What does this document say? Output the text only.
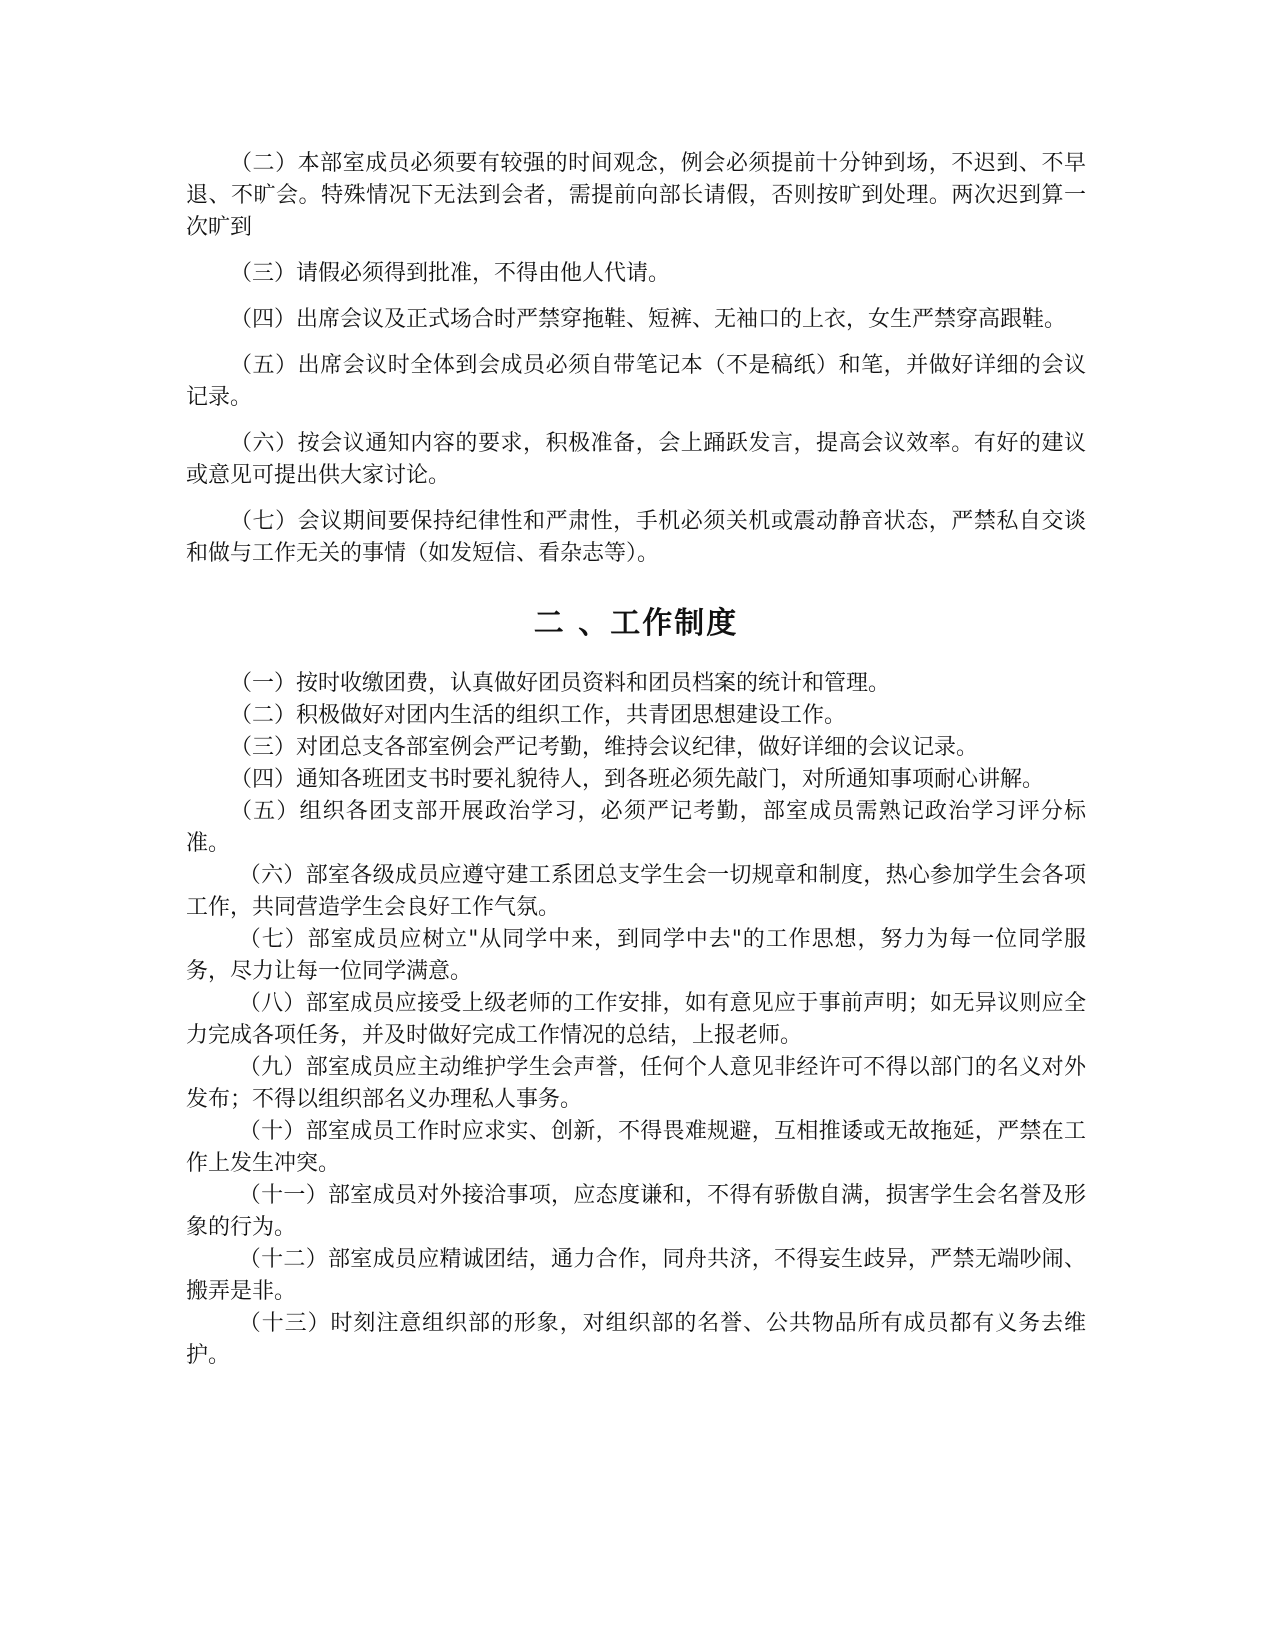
（二）本部室成员必须要有较强的时间观念，例会必须提前十分钟到场，不迟到、不早退、不旷会。特殊情况下无法到会者，需提前向部长请假，否则按旷到处理。两次迟到算一次旷到

（三）请假必须得到批准，不得由他人代请。

（四）出席会议及正式场合时严禁穿拖鞋、短裤、无袖口的上衣，女生严禁穿高跟鞋。

（五）出席会议时全体到会成员必须自带笔记本（不是稿纸）和笔，并做好详细的会议记录。

（六）按会议通知内容的要求，积极准备，会上踊跃发言，提高会议效率。有好的建议或意见可提出供大家讨论。

（七）会议期间要保持纪律性和严肃性，手机必须关机或震动静音状态，严禁私自交谈和做与工作无关的事情（如发短信、看杂志等）。

二 、工作制度

（一）按时收缴团费，认真做好团员资料和团员档案的统计和管理。

（二）积极做好对团内生活的组织工作，共青团思想建设工作。

（三）对团总支各部室例会严记考勤，维持会议纪律，做好详细的会议记录。

（四）通知各班团支书时要礼貌待人，到各班必须先敲门，对所通知事项耐心讲解。

（五）组织各团支部开展政治学习，必须严记考勤，部室成员需熟记政治学习评分标准。

（六）部室各级成员应遵守建工系团总支学生会一切规章和制度，热心参加学生会各项工作，共同营造学生会良好工作气氛。

（七）部室成员应树立"从同学中来，到同学中去"的工作思想，努力为每一位同学服务，尽力让每一位同学满意。

（八）部室成员应接受上级老师的工作安排，如有意见应于事前声明；如无异议则应全力完成各项任务，并及时做好完成工作情况的总结，上报老师。

（九）部室成员应主动维护学生会声誉，任何个人意见非经许可不得以部门的名义对外发布；不得以组织部名义办理私人事务。

（十）部室成员工作时应求实、创新，不得畏难规避，互相推诿或无故拖延，严禁在工作上发生冲突。

（十一）部室成员对外接洽事项，应态度谦和，不得有骄傲自满，损害学生会名誉及形象的行为。

（十二）部室成员应精诚团结，通力合作，同舟共济，不得妄生歧异，严禁无端吵闹、搬弄是非。

（十三）时刻注意组织部的形象，对组织部的名誉、公共物品所有成员都有义务去维护。
